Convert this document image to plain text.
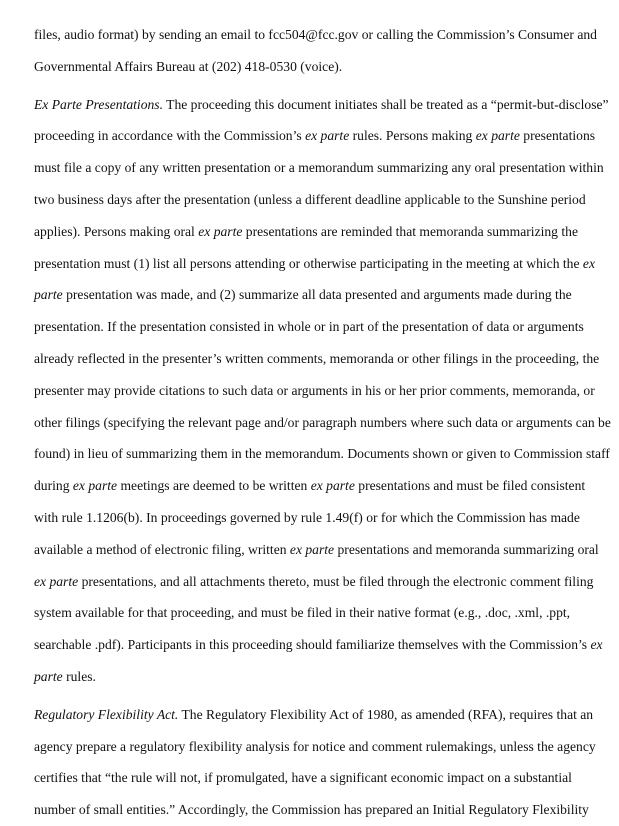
files, audio format) by sending an email to fcc504@fcc.gov or calling the Commission’s Consumer and
Governmental Affairs Bureau at (202) 418-0530 (voice).
Ex Parte Presentations. The proceeding this document initiates shall be treated as a “permit-but-disclose”
proceeding in accordance with the Commission’s ex parte rules. Persons making ex parte presentations
must file a copy of any written presentation or a memorandum summarizing any oral presentation within
two business days after the presentation (unless a different deadline applicable to the Sunshine period
applies). Persons making oral ex parte presentations are reminded that memoranda summarizing the
presentation must (1) list all persons attending or otherwise participating in the meeting at which the ex
parte presentation was made, and (2) summarize all data presented and arguments made during the
presentation. If the presentation consisted in whole or in part of the presentation of data or arguments
already reflected in the presenter’s written comments, memoranda or other filings in the proceeding, the
presenter may provide citations to such data or arguments in his or her prior comments, memoranda, or
other filings (specifying the relevant page and/or paragraph numbers where such data or arguments can be
found) in lieu of summarizing them in the memorandum. Documents shown or given to Commission staff
during ex parte meetings are deemed to be written ex parte presentations and must be filed consistent
with rule 1.1206(b). In proceedings governed by rule 1.49(f) or for which the Commission has made
available a method of electronic filing, written ex parte presentations and memoranda summarizing oral
ex parte presentations, and all attachments thereto, must be filed through the electronic comment filing
system available for that proceeding, and must be filed in their native format (e.g., .doc, .xml, .ppt,
searchable .pdf). Participants in this proceeding should familiarize themselves with the Commission’s ex
parte rules.
Regulatory Flexibility Act. The Regulatory Flexibility Act of 1980, as amended (RFA), requires that an
agency prepare a regulatory flexibility analysis for notice and comment rulemakings, unless the agency
certifies that “the rule will not, if promulgated, have a significant economic impact on a substantial
number of small entities.” Accordingly, the Commission has prepared an Initial Regulatory Flexibility
